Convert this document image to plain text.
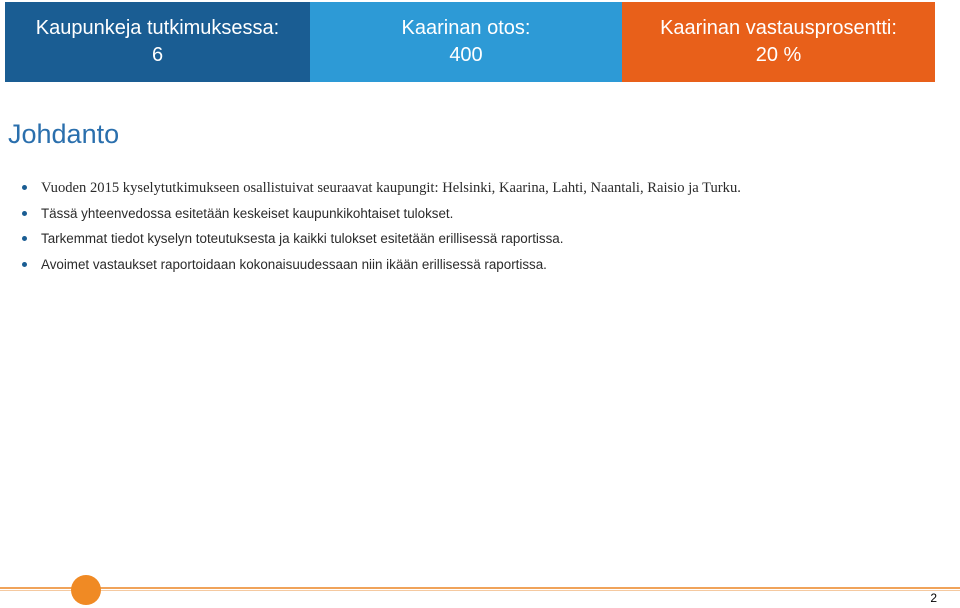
Kaupunkeja tutkimuksessa:
6
Kaarinan otos:
400
Kaarinan vastausprosentti:
20 %
Johdanto
Vuoden 2015 kyselytutkimukseen osallistuivat seuraavat kaupungit: Helsinki, Kaarina, Lahti, Naantali, Raisio ja Turku.
Tässä yhteenvedossa esitetään keskeiset kaupunkikohtaiset tulokset.
Tarkemmat tiedot kyselyn toteutuksesta ja kaikki tulokset esitetään erillisessä raportissa.
Avoimet vastaukset raportoidaan kokonaisuudessaan niin ikään erillisessä raportissa.
2
